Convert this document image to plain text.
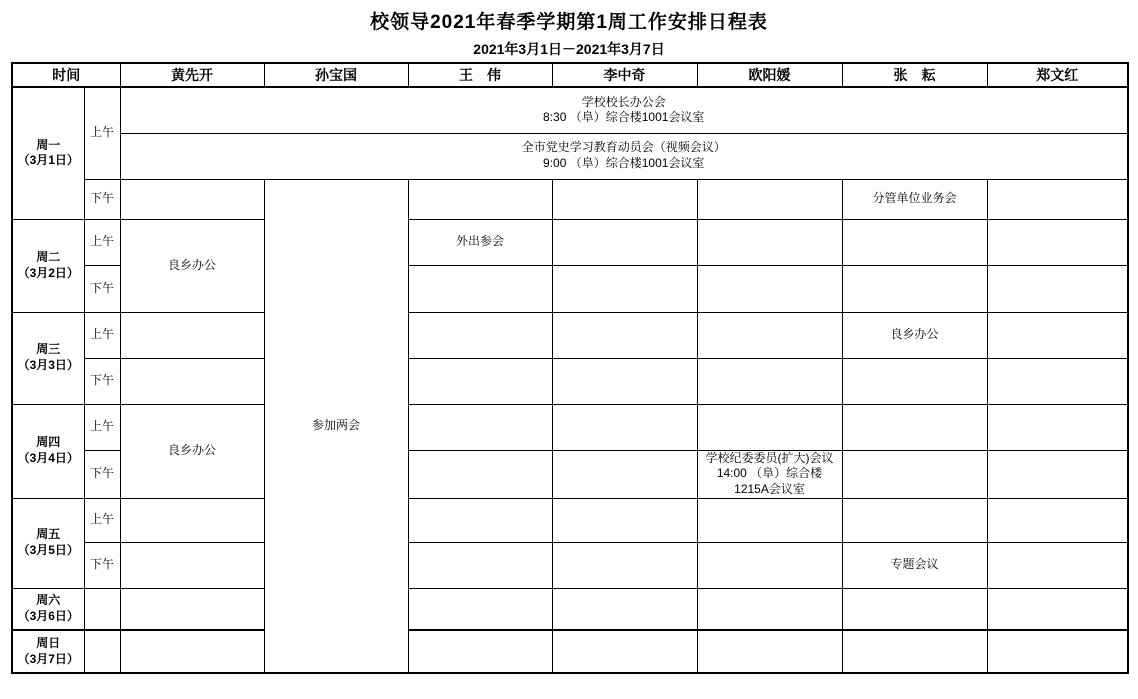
校领导2021年春季学期第1周工作安排日程表
2021年3月1日－2021年3月7日
时间		黄先开	孙宝国	王　伟	李中奇	欧阳媛	张　耘	郑文红

周一
（3月1日）	上午	学校校长办公会
8:30 （阜）综合楼1001会议室						

		全市党史学习教育动员会（视频会议）
9:00 （阜）综合楼1001会议室						

	下午		参加两会				分管单位业务会	

周二
（3月2日）	上午	良乡办公		外出参会				
	下午							

周三
（3月3日）	上午						良乡办公	
	下午							

周四
（3月4日）	上午	良乡办公						
	下午					学校纪委委员(扩大)会议
14:00 （阜）综合楼
1215A会议室		

周五
（3月5日）	上午							
	下午						专题会议	

周六
（3月6日）								

周日
（3月7日）								
